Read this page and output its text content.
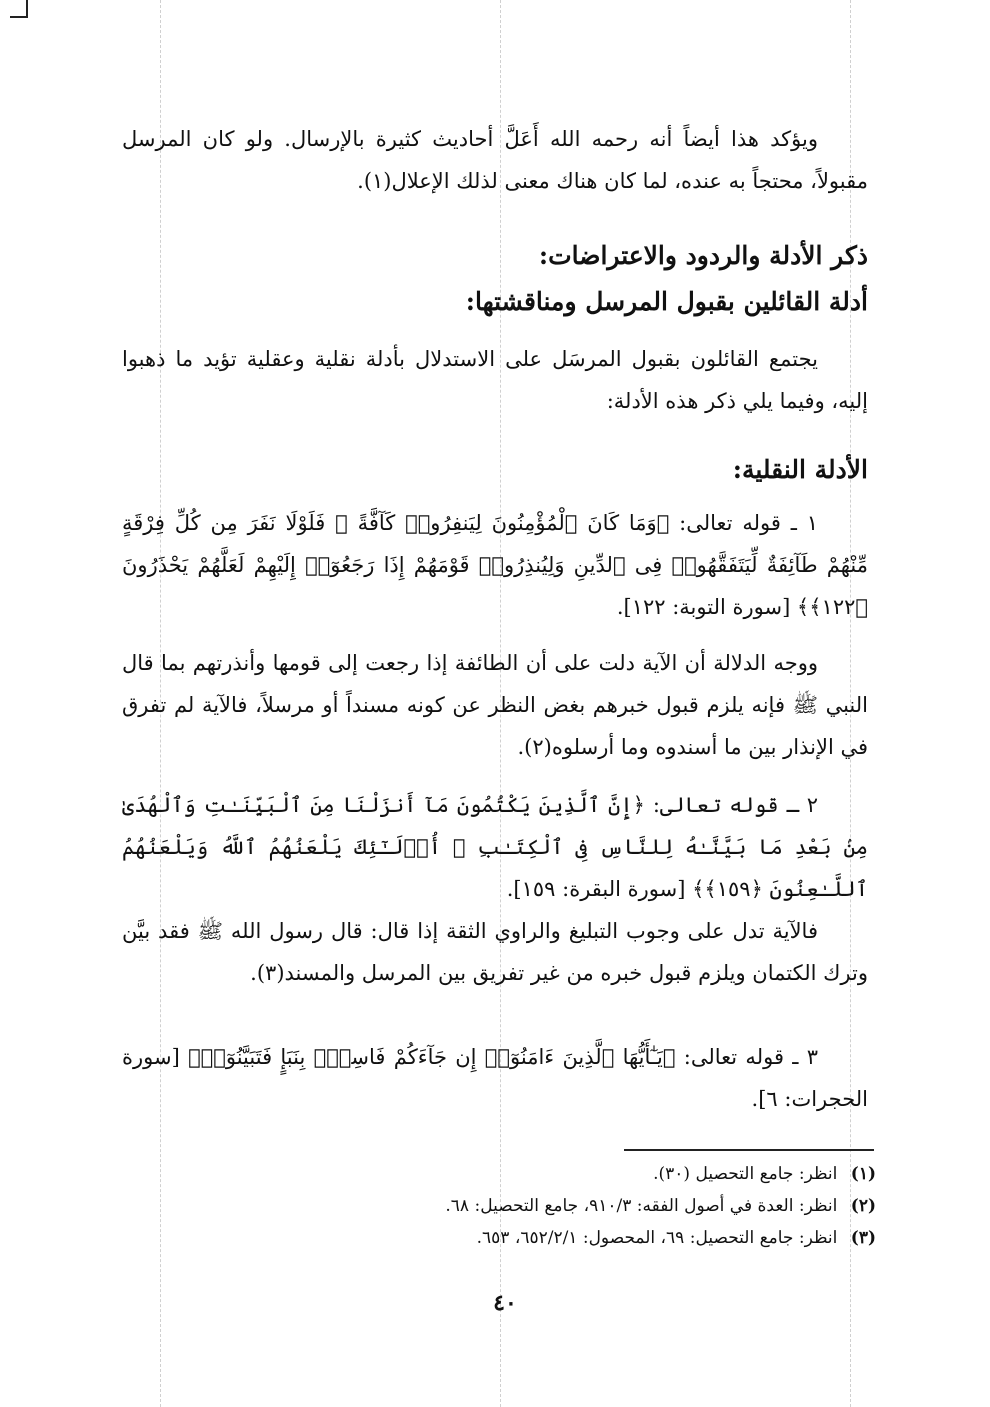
ويؤكد هذا أيضاً أنه رحمه الله أَعَلَّ أحاديث كثيرة بالإرسال. ولو كان المرسل مقبولاً، محتجاً به عنده، لما كان هناك معنى لذلك الإعلال(١).
ذكر الأدلة والردود والاعتراضات:
أدلة القائلين بقبول المرسل ومناقشتها:
يجتمع القائلون بقبول المرسَل على الاستدلال بأدلة نقلية وعقلية تؤيد ما ذهبوا إليه، وفيما يلي ذكر هذه الأدلة:
الأدلة النقلية:
١ ـ قوله تعالى: ﴿وَمَا كَانَ ٱلْمُؤْمِنُونَ لِيَنفِرُوا۟ كَآفَّةً ۚ فَلَوْلَا نَفَرَ مِن كُلِّ فِرْقَةٍ مِّنْهُمْ طَآئِفَةٌ لِّيَتَفَقَّهُوا۟ فِى ٱلدِّينِ وَلِيُنذِرُوا۟ قَوْمَهُمْ إِذَا رَجَعُوٓا۟ إِلَيْهِمْ لَعَلَّهُمْ يَحْذَرُونَ ﴿١٢٢﴾﴾ [سورة التوبة: ١٢٢].
ووجه الدلالة أن الآية دلت على أن الطائفة إذا رجعت إلى قومها وأنذرتهم بما قال النبي ﷺ فإنه يلزم قبول خبرهم بغض النظر عن كونه مسنداً أو مرسلاً، فالآية لم تفرق في الإنذار بين ما أسندوه وما أرسلوه(٢).
٢ ـ قوله تعالى: ﴿إِنَّ ٱلَّذِينَ يَكْتُمُونَ مَآ أَنزَلْنَا مِنَ ٱلْبَيِّنَـٰتِ وَٱلْهُدَىٰ مِنۢ بَعْدِ مَا بَيَّنَّـٰهُ لِلنَّاسِ فِى ٱلْكِتَـٰبِ ۙ أُو۟لَـٰٓئِكَ يَلْعَنُهُمُ ٱللَّهُ وَيَلْعَنُهُمُ ٱللَّـٰعِنُونَ ﴿١٥٩﴾﴾ [سورة البقرة: ١٥٩].
فالآية تدل على وجوب التبليغ والراوي الثقة إذا قال: قال رسول الله ﷺ فقد بيَّن وترك الكتمان ويلزم قبول خبره من غير تفريق بين المرسل والمسند(٣).
٣ ـ قوله تعالى: ﴿يَـٰٓأَيُّهَا ٱلَّذِينَ ءَامَنُوٓا۟ إِن جَآءَكُمْ فَاسِقٌۢ بِنَبَإٍ فَتَبَيَّنُوٓا۟﴾ [سورة الحجرات: ٦].
(١) انظر: جامع التحصيل (٣٠).
(٢) انظر: العدة في أصول الفقه: ٩١٠/٣، جامع التحصيل: ٦٨.
(٣) انظر: جامع التحصيل: ٦٩، المحصول: ٦٥٢/٢/١، ٦٥٣.
٤٠
